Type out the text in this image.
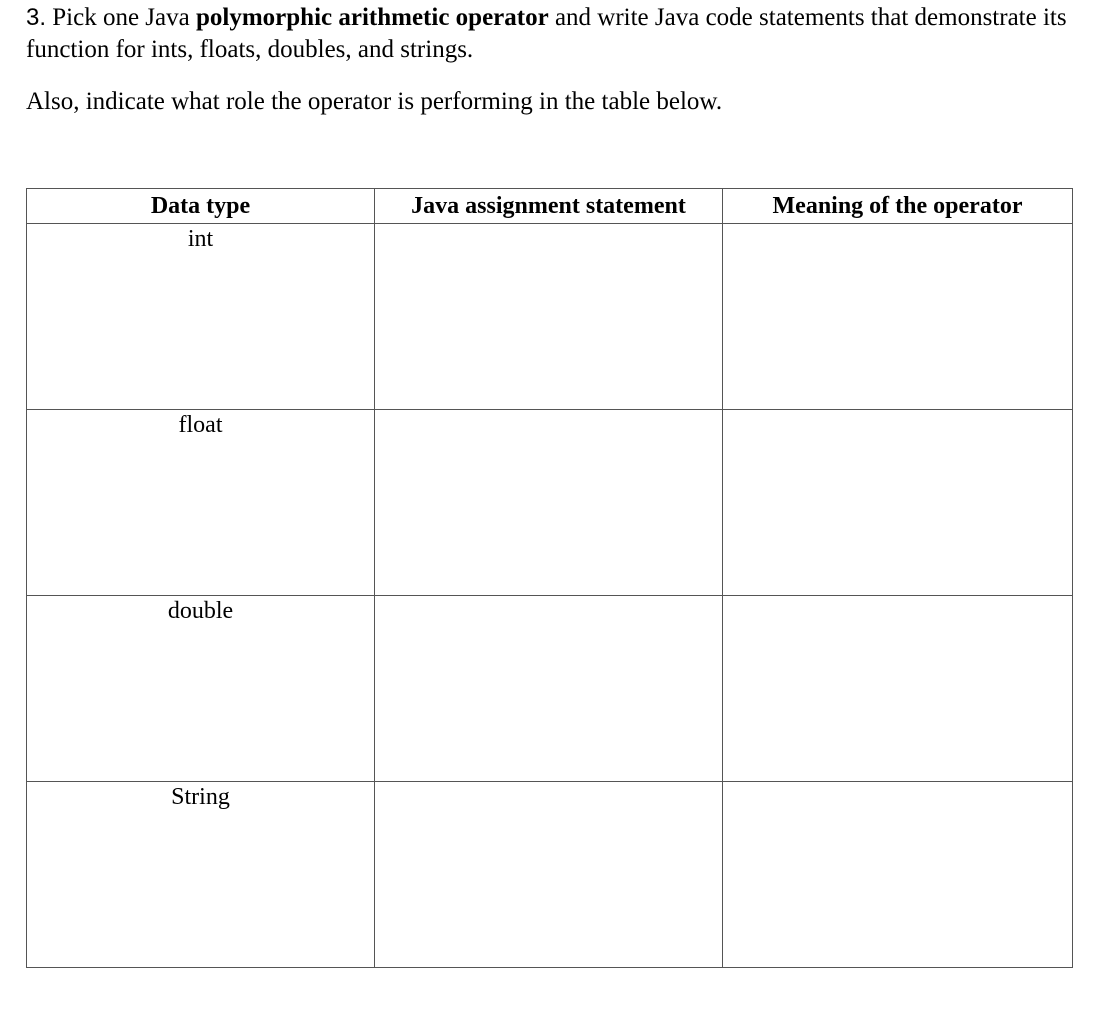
3. Pick one Java polymorphic arithmetic operator and write Java code statements that demonstrate its function for ints, floats, doubles, and strings.

Also, indicate what role the operator is performing in the table below.

Data type	Java assignment statement	Meaning of the operator
int		
float		
double		
String		
